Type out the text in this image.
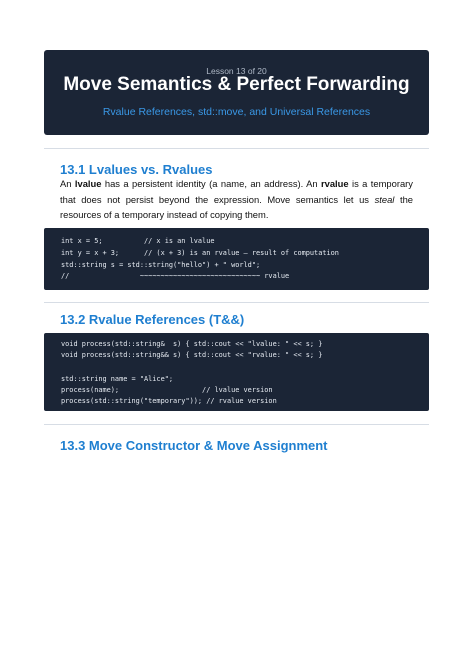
Lesson 13 of 20
Move Semantics & Perfect Forwarding
Rvalue References, std::move, and Universal References
13.1 Lvalues vs. Rvalues

An lvalue has a persistent identity (a name, an address). An rvalue is a temporary that does not persist beyond the expression. Move semantics let us steal the resources of a temporary instead of copying them.

int x = 5;          // x is an lvalue
int y = x + 3;      // (x + 3) is an rvalue — result of computation
std::string s = std::string("hello") + " world";
//                 ~~~~~~~~~~~~~~~~~~~~~~~~~~~~~ rvalue
13.2 Rvalue References (T&&)
void process(std::string&  s) { std::cout << "lvalue: " << s; }
void process(std::string&& s) { std::cout << "rvalue: " << s; }
std::string name = "Alice";
process(name);                    // lvalue version
process(std::string("temporary")); // rvalue version
13.3 Move Constructor & Move Assignment
